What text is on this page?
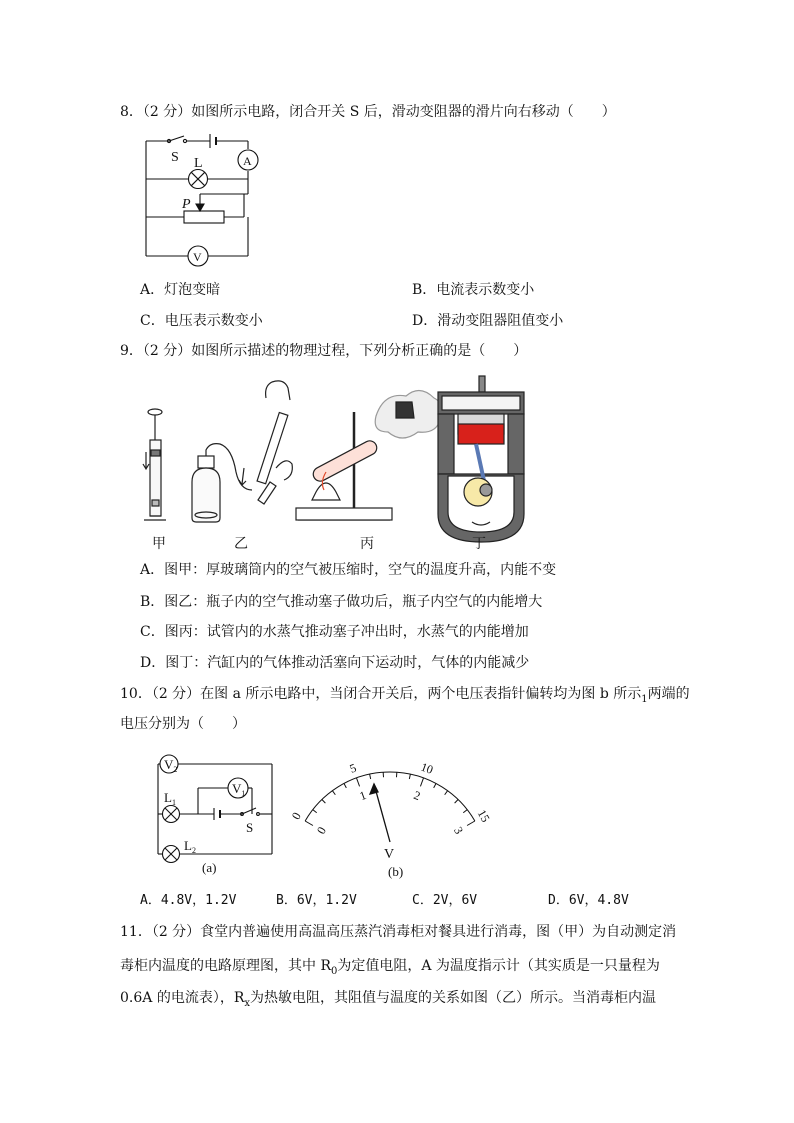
8．（2 分）如图所示电路，闭合开关 S 后，滑动变阻器的滑片向右移动（　　）
S L
P
A
V
A．灯泡变暗	B．电流表示数变小
C．电压表示数变小	D．滑动变阻器阻值变小
9．（2 分）如图所示描述的物理过程，下列分析正确的是（　　）
甲	乙	丙	丁
A．图甲：厚玻璃筒内的空气被压缩时，空气的温度升高，内能不变
B．图乙：瓶子内的空气推动塞子做功后，瓶子内空气的内能增大
C．图丙：试管内的水蒸气推动塞子冲出时，水蒸气的内能增加
D．图丁：汽缸内的气体推动活塞向下运动时，气体的内能减少
10．（2 分）在图 a 所示电路中，当闭合开关后，两个电压表指针偏转均为图 b 所示$_1$两端的
电压分别为（　　）
$V_2$
$V_1$
$L_1$
$L_2$
S
(a)
0
5	10
15
0
1	2
3
V
(b)
A．4.8V，1.2V	B．6V，1.2V	C．2V，6V	D．6V，4.8V
11．（2 分）食堂内普遍使用高温高压蒸汽消毒柜对餐具进行消毒，图（甲）为自动测定消
毒柜内温度的电路原理图，其中 $R_0$为定值电阻，A 为温度指示计（其实质是一只量程为
0.6A 的电流表），$R_x$为热敏电阻，其阻值与温度的关系如图（乙）所示。当消毒柜内温
